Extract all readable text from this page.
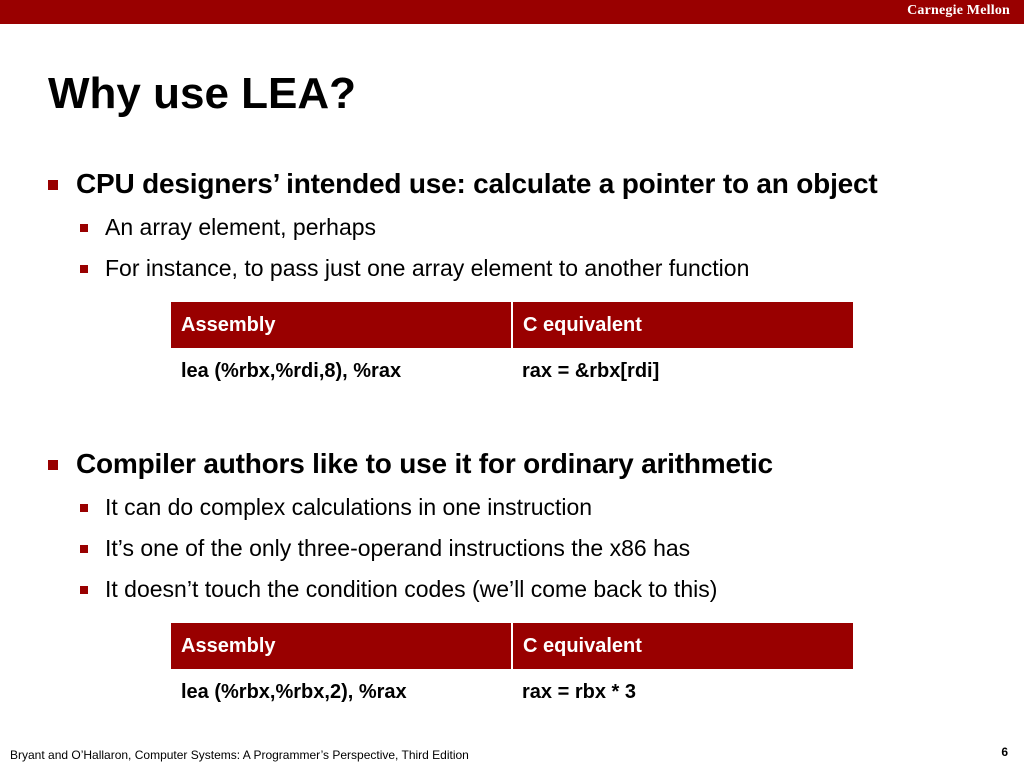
Carnegie Mellon
Why use LEA?
CPU designers’ intended use: calculate a pointer to an object
An array element, perhaps
For instance, to pass just one array element to another function
Assembly	C equivalent
lea (%rbx,%rdi,8), %rax	rax = &rbx[rdi]
Compiler authors like to use it for ordinary arithmetic
It can do complex calculations in one instruction
It’s one of the only three-operand instructions the x86 has
It doesn’t touch the condition codes (we’ll come back to this)
Assembly	C equivalent
lea (%rbx,%rbx,2), %rax	rax = rbx * 3
Bryant and O’Hallaron, Computer Systems: A Programmer’s Perspective, Third Edition	6
